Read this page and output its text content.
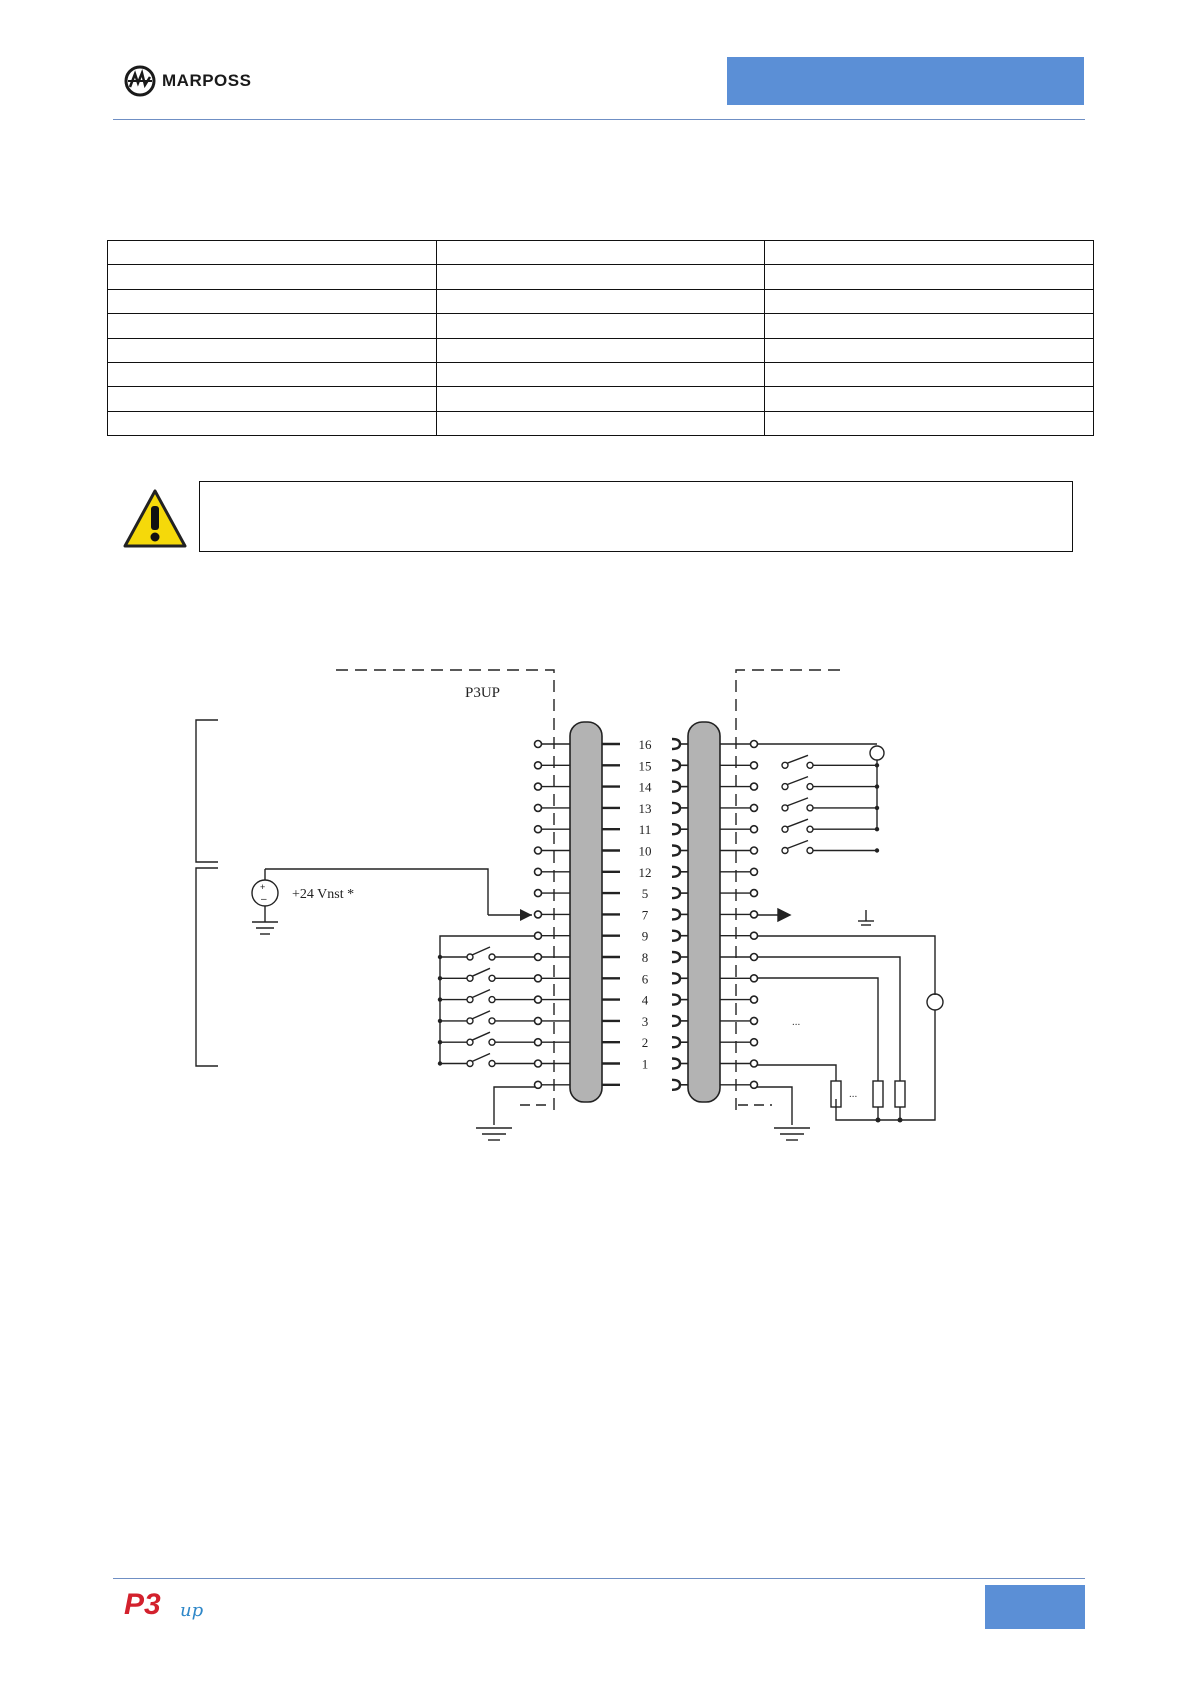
MARPOSS

+
–
16
15
14
13
11
10
12
5
7
9
8
6
4
3
2
1
P3UP
+24 Vnst *
...
...
P3 up
